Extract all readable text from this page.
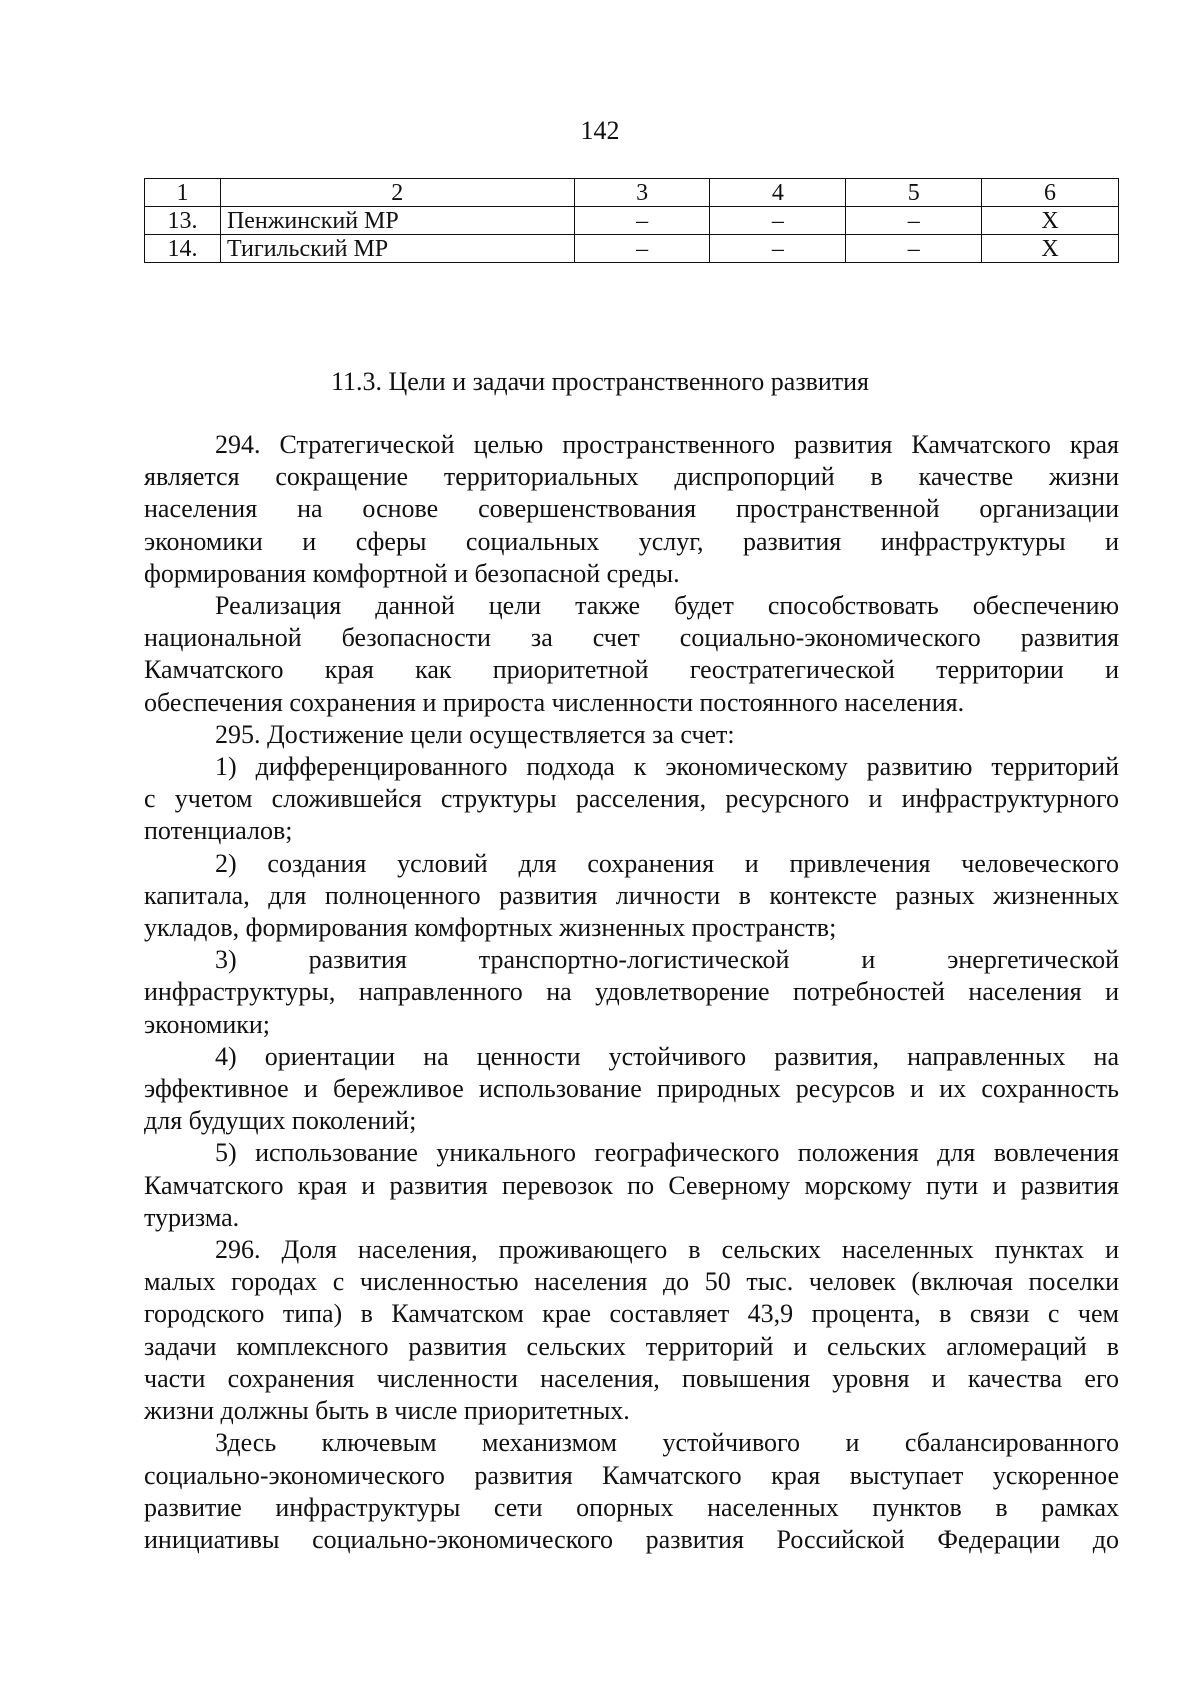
142
1	2	3	4	5	6
13.	Пенжинский МР	–	–	–	Х
14.	Тигильский МР	–	–	–	Х
11.3. Цели и задачи пространственного развития

294. Стратегической целью пространственного развития Камчатского края

является сокращение территориальных диспропорций в качестве жизни

населения на основе совершенствования пространственной организации

экономики и сферы социальных услуг, развития инфраструктуры и

формирования комфортной и безопасной среды.

Реализация данной цели также будет способствовать обеспечению

национальной безопасности за счет социально-экономического развития

Камчатского края как приоритетной геостратегической территории и

обеспечения сохранения и прироста численности постоянного населения.

295. Достижение цели осуществляется за счет:

1) дифференцированного подхода к экономическому развитию территорий

с учетом сложившейся структуры расселения, ресурсного и инфраструктурного

потенциалов;

2) создания условий для сохранения и привлечения человеческого

капитала, для полноценного развития личности в контексте разных жизненных

укладов, формирования комфортных жизненных пространств;

3) развития транспортно-логистической и энергетической

инфраструктуры, направленного на удовлетворение потребностей населения и

экономики;

4) ориентации на ценности устойчивого развития, направленных на

эффективное и бережливое использование природных ресурсов и их сохранность

для будущих поколений;

5) использование уникального географического положения для вовлечения

Камчатского края и развития перевозок по Северному морскому пути и развития

туризма.

296. Доля населения, проживающего в сельских населенных пунктах и

малых городах с численностью населения до 50 тыс. человек (включая поселки

городского типа) в Камчатском крае составляет 43,9 процента, в связи с чем

задачи комплексного развития сельских территорий и сельских агломераций в

части сохранения численности населения, повышения уровня и качества его

жизни должны быть в числе приоритетных.

Здесь ключевым механизмом устойчивого и сбалансированного

социально-экономического развития Камчатского края выступает ускоренное

развитие инфраструктуры сети опорных населенных пунктов в рамках

инициативы социально-экономического развития Российской Федерации до
